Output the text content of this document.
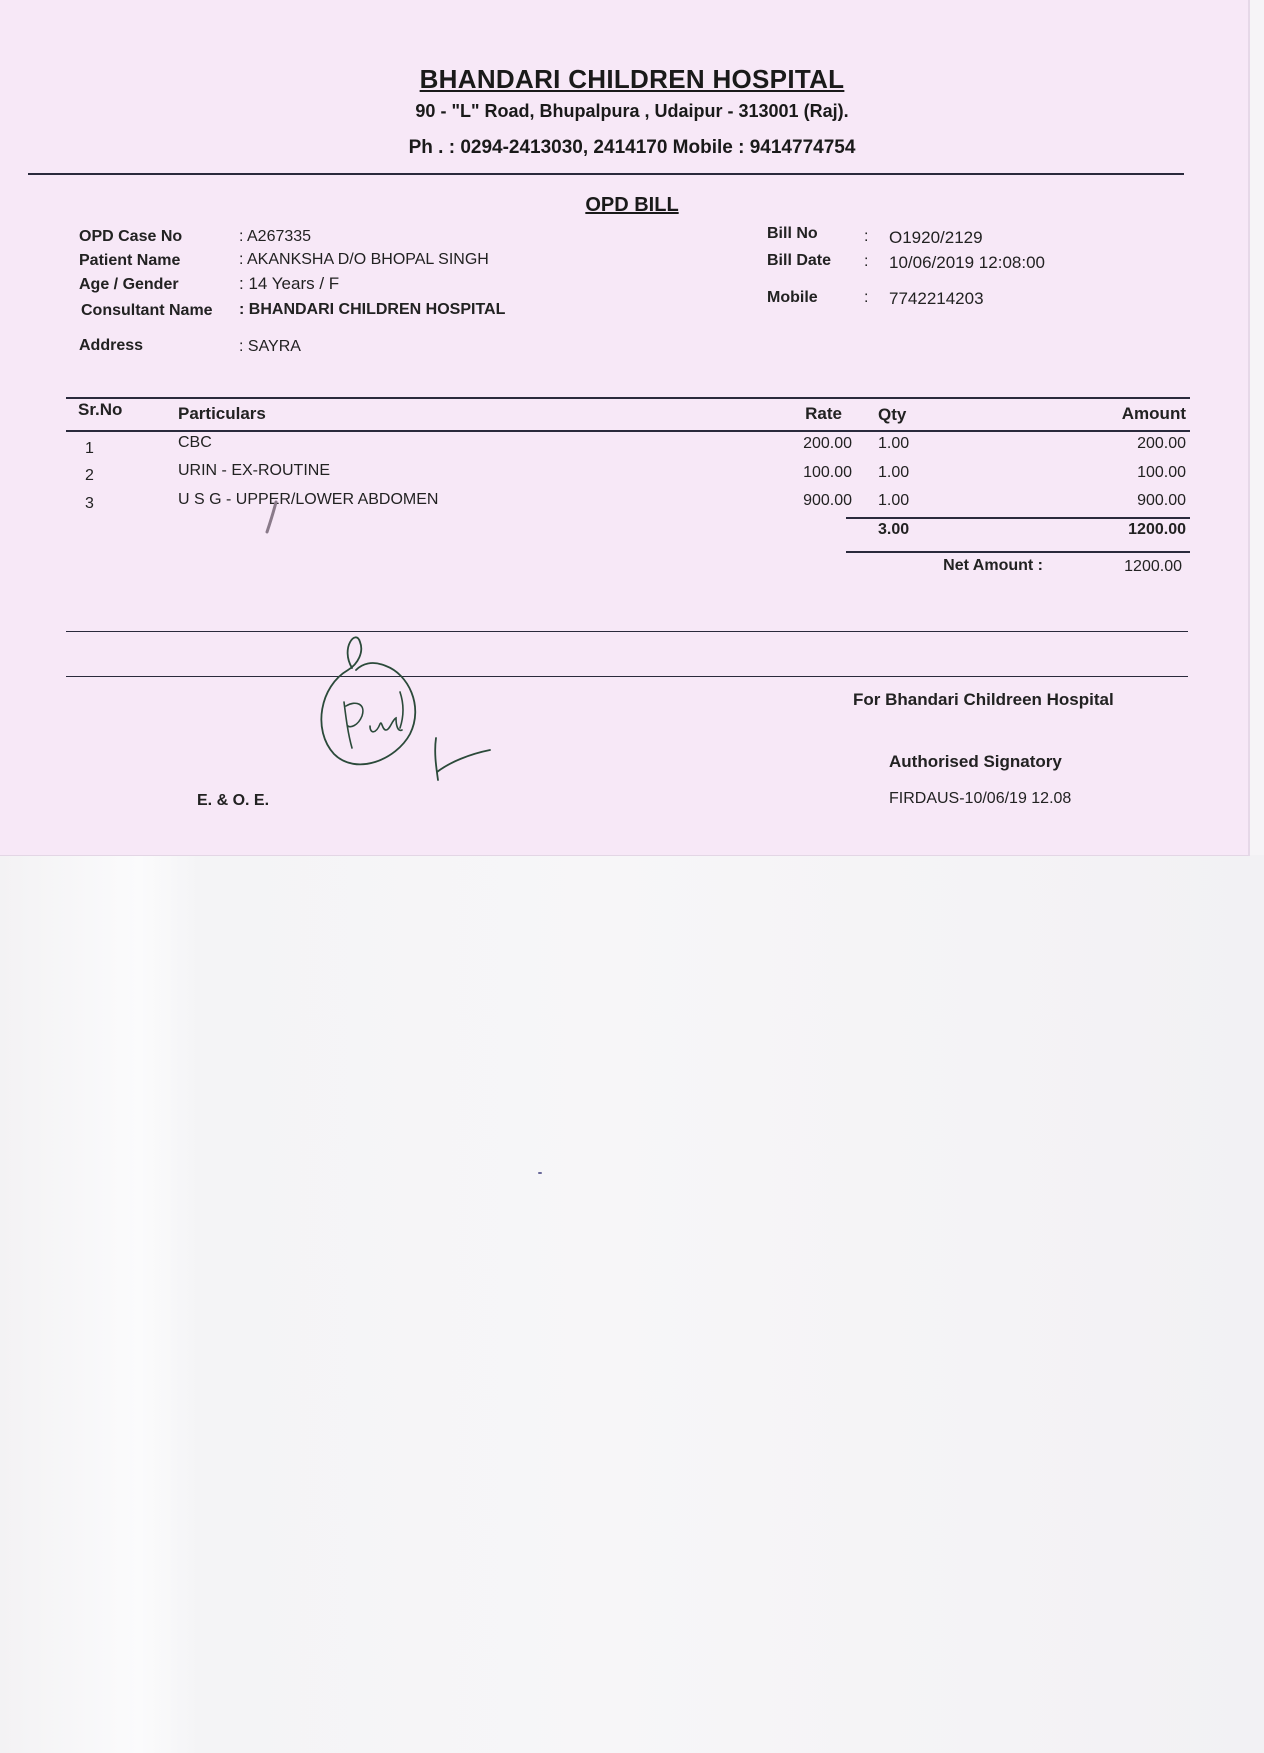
BHANDARI CHILDREN HOSPITAL
90 - "L" Road, Bhupalpura , Udaipur - 313001 (Raj).
Ph . : 0294-2413030, 2414170 Mobile : 9414774754
OPD BILL
OPD Case No	: A267335
Patient Name	: AKANKSHA D/O BHOPAL SINGH
Age / Gender	: 14 Years / F
Consultant Name : BHANDARI CHILDREN HOSPITAL
Address	: SAYRA
Bill No	: O1920/2129
Bill Date : 10/06/2019 12:08:00
Mobile	: 7742214203
Sr.No	Particulars	Rate Qty	Amount
1	CBC	200.00 1.00	200.00
2	URIN - EX-ROUTINE	100.00 1.00	100.00
3	U S G - UPPER/LOWER ABDOMEN	900.00 1.00	900.00
3.00	1200.00
Net Amount :	1200.00
For Bhandari Childreen Hospital
Authorised Signatory
FIRDAUS-10/06/19 12.08
E. & O. E.
